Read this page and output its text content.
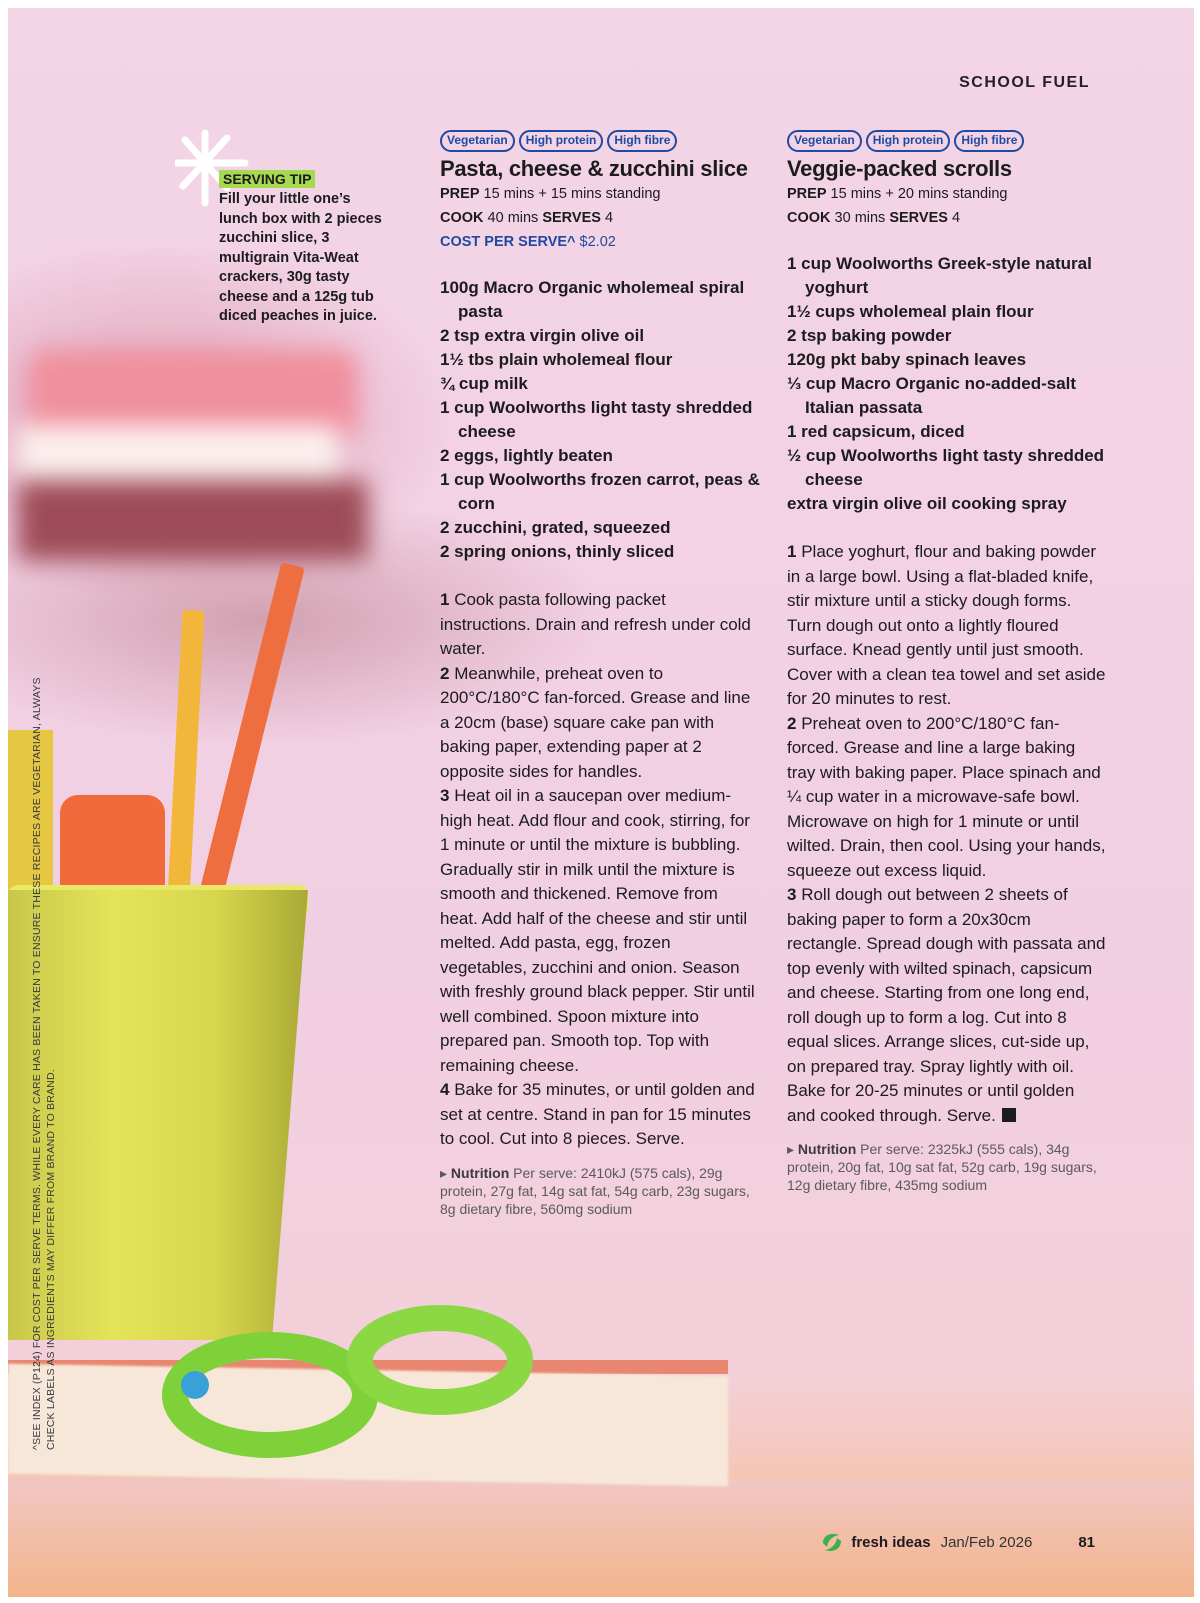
SCHOOL FUEL
SERVING TIP
Fill your little one’s lunch box with 2 pieces zucchini slice, 3 multigrain Vita-Weat crackers, 30g tasty cheese and a 125g tub diced peaches in juice.
Vegetarian	High protein	High fibre
Pasta, cheese & zucchini slice
PREP 15 mins + 15 mins standing
COOK 40 mins SERVES 4
COST PER SERVE^ $2.02
100g Macro Organic wholemeal spiral pasta
2 tsp extra virgin olive oil
1½ tbs plain wholemeal flour
¾ cup milk
1 cup Woolworths light tasty shredded cheese
2 eggs, lightly beaten
1 cup Woolworths frozen carrot, peas & corn
2 zucchini, grated, squeezed
2 spring onions, thinly sliced
1 Cook pasta following packet instructions. Drain and refresh under cold water.
2 Meanwhile, preheat oven to 200°C/180°C fan-forced. Grease and line a 20cm (base) square cake pan with baking paper, extending paper at 2 opposite sides for handles.
3 Heat oil in a saucepan over medium-high heat. Add flour and cook, stirring, for 1 minute or until the mixture is bubbling. Gradually stir in milk until the mixture is smooth and thickened. Remove from heat. Add half of the cheese and stir until melted. Add pasta, egg, frozen vegetables, zucchini and onion. Season with freshly ground black pepper. Stir until well combined. Spoon mixture into prepared pan. Smooth top. Top with remaining cheese.
4 Bake for 35 minutes, or until golden and set at centre. Stand in pan for 15 minutes to cool. Cut into 8 pieces. Serve.
▸ Nutrition Per serve: 2410kJ (575 cals), 29g protein, 27g fat, 14g sat fat, 54g carb, 23g sugars, 8g dietary fibre, 560mg sodium
Vegetarian	High protein	High fibre
Veggie-packed scrolls
PREP 15 mins + 20 mins standing
COOK 30 mins SERVES 4
1 cup Woolworths Greek-style natural yoghurt
1½ cups wholemeal plain flour
2 tsp baking powder
120g pkt baby spinach leaves
⅓ cup Macro Organic no-added-salt Italian passata
1 red capsicum, diced
½ cup Woolworths light tasty shredded cheese
extra virgin olive oil cooking spray
1 Place yoghurt, flour and baking powder in a large bowl. Using a flat-bladed knife, stir mixture until a sticky dough forms. Turn dough out onto a lightly floured surface. Knead gently until just smooth. Cover with a clean tea towel and set aside for 20 minutes to rest.
2 Preheat oven to 200°C/180°C fan-forced. Grease and line a large baking tray with baking paper. Place spinach and ¼ cup water in a microwave-safe bowl. Microwave on high for 1 minute or until wilted. Drain, then cool. Using your hands, squeeze out excess liquid.
3 Roll dough out between 2 sheets of baking paper to form a 20x30cm rectangle. Spread dough with passata and top evenly with wilted spinach, capsicum and cheese. Starting from one long end, roll dough up to form a log. Cut into 8 equal slices. Arrange slices, cut-side up, on prepared tray. Spray lightly with oil. Bake for 20-25 minutes or until golden and cooked through. Serve.
▸ Nutrition Per serve: 2325kJ (555 cals), 34g protein, 20g fat, 10g sat fat, 52g carb, 19g sugars, 12g dietary fibre, 435mg sodium
^SEE INDEX (P124) FOR COST PER SERVE TERMS. WHILE EVERY CARE HAS BEEN TAKEN TO ENSURE THESE RECIPES ARE VEGETARIAN, ALWAYS CHECK LABELS AS INGREDIENTS MAY DIFFER FROM BRAND TO BRAND.
fresh ideas Jan/Feb 2026	81
